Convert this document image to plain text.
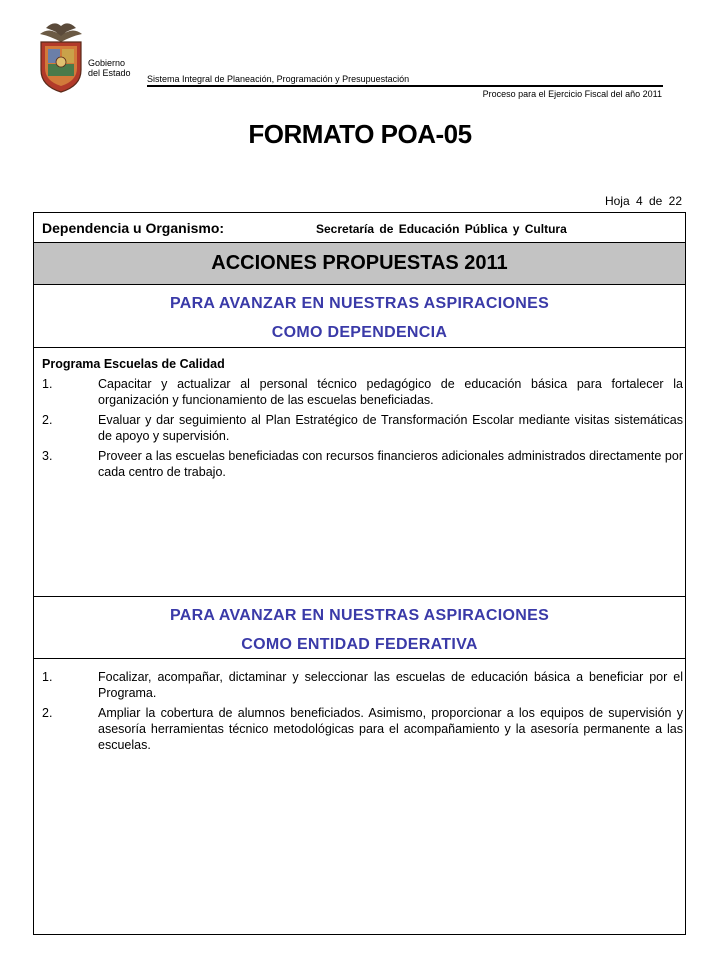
Gobierno
del Estado
Sistema Integral de Planeación, Programación y Presupuestación
Proceso para el Ejercicio Fiscal del año 2011
FORMATO POA-05
Hoja 4 de 22
Dependencia u Organismo:	Secretaría de Educación Pública y Cultura
ACCIONES PROPUESTAS 2011
PARA AVANZAR EN NUESTRAS ASPIRACIONES
COMO DEPENDENCIA
Programa Escuelas de Calidad
1.	Capacitar y actualizar al personal técnico pedagógico de educación básica para fortalecer la organización y funcionamiento de las escuelas beneficiadas.
2.	Evaluar y dar seguimiento al Plan Estratégico de Transformación Escolar mediante visitas sistemáticas de apoyo y supervisión.
3.	Proveer a las escuelas beneficiadas con recursos financieros adicionales administrados directamente por cada centro de trabajo.
PARA AVANZAR EN NUESTRAS ASPIRACIONES
COMO ENTIDAD FEDERATIVA
1.	Focalizar, acompañar, dictaminar y seleccionar las escuelas de educación básica a beneficiar por el Programa.
2.	Ampliar la cobertura de alumnos beneficiados. Asimismo, proporcionar a los equipos de supervisión y asesoría herramientas técnico metodológicas para el acompañamiento y la asesoría permanente a las escuelas.
